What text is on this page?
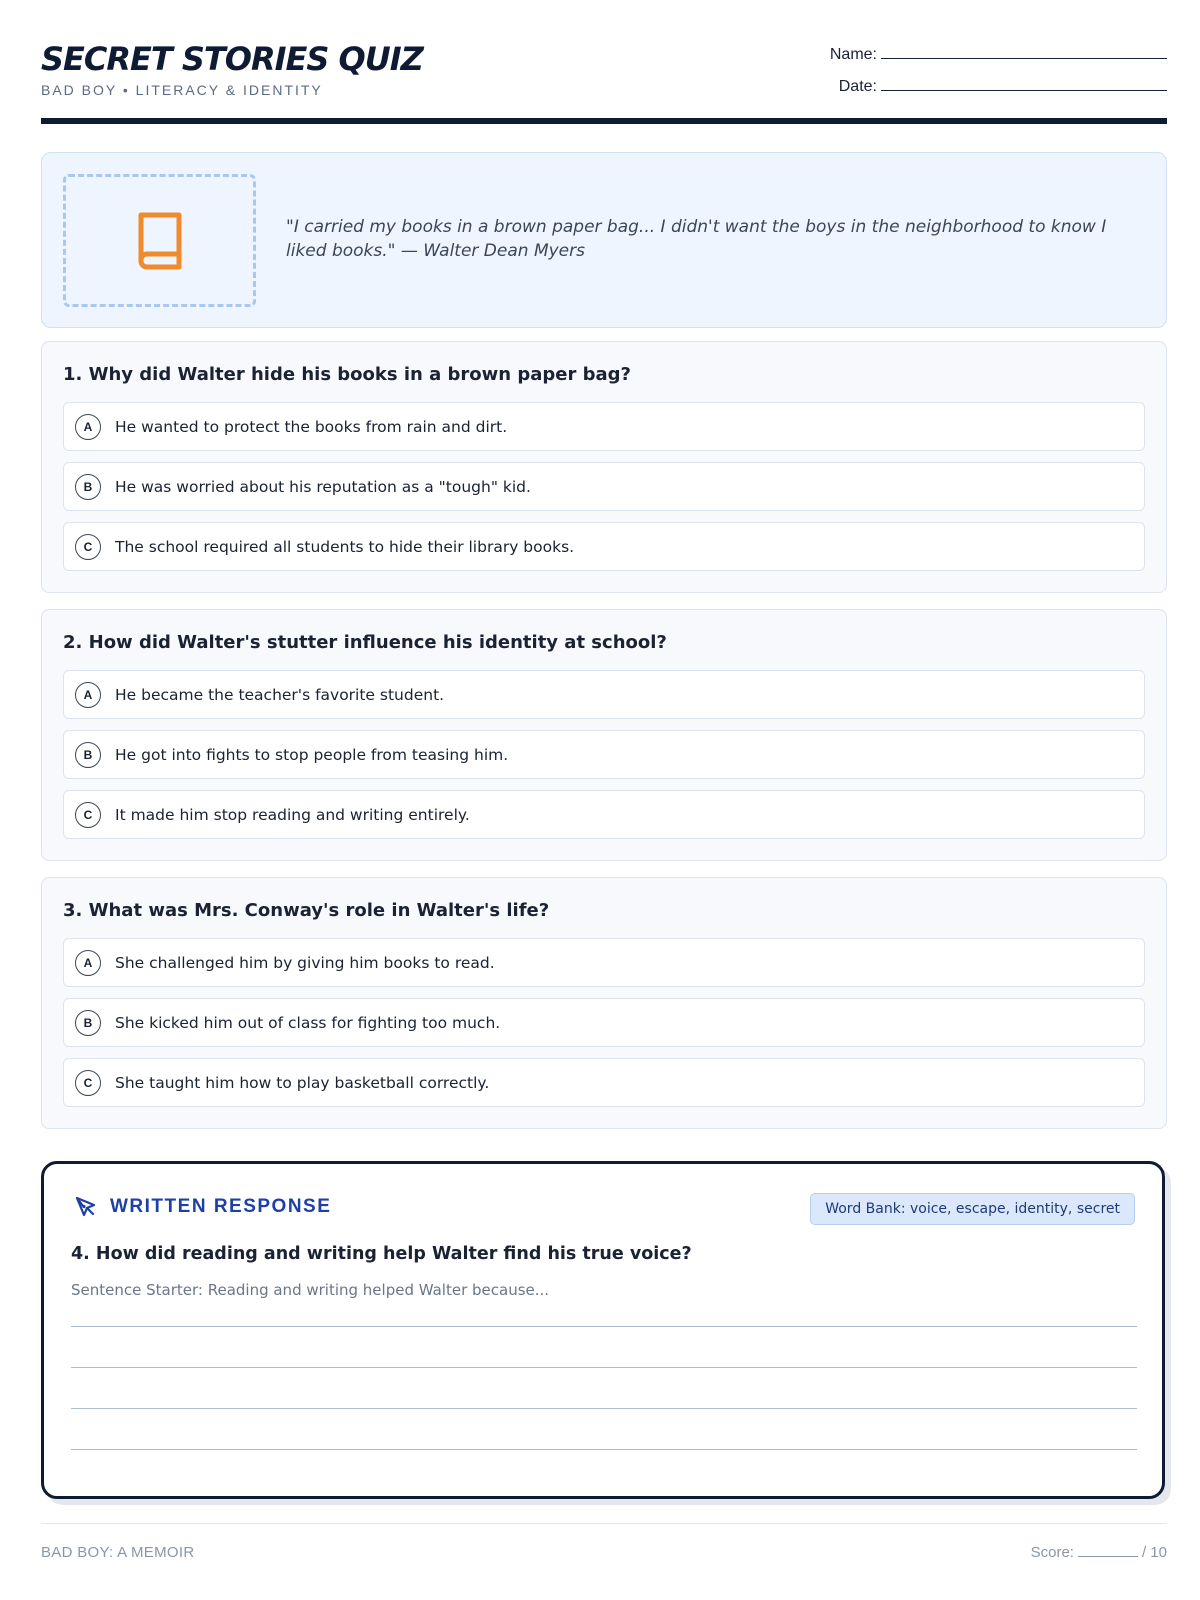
SECRET STORIES QUIZ
BAD BOY • LITERACY & IDENTITY
Name:
Date:
"I carried my books in a brown paper bag... I didn't want the boys in the neighborhood to know I liked books." — Walter Dean Myers
1. Why did Walter hide his books in a brown paper bag?
A	He wanted to protect the books from rain and dirt.
B	He was worried about his reputation as a "tough" kid.
C	The school required all students to hide their library books.
2. How did Walter's stutter influence his identity at school?
A	He became the teacher's favorite student.
B	He got into fights to stop people from teasing him.
C	It made him stop reading and writing entirely.
3. What was Mrs. Conway's role in Walter's life?
A	She challenged him by giving him books to read.
B	She kicked him out of class for fighting too much.
C	She taught him how to play basketball correctly.
WRITTEN RESPONSE	Word Bank: voice, escape, identity, secret
4. How did reading and writing help Walter find his true voice?
Sentence Starter: Reading and writing helped Walter because...
BAD BOY: A MEMOIR	Score:	/ 10
